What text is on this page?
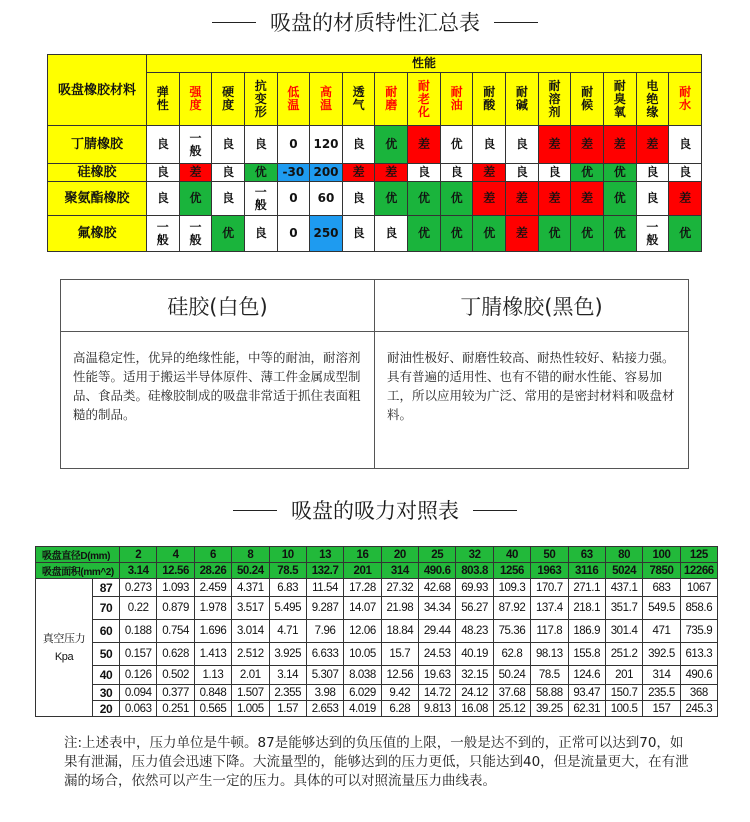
吸盘的材质特性汇总表
吸盘橡胶材料	性能																
	弹性	强度	硬度	抗变形	低温	高温	透气	耐磨	耐老化	耐油	耐酸	耐碱	耐溶剂	耐候	耐臭氧	电绝缘	耐水
丁腈橡胶	良	一般	良	良	0	120	良	优	差	优	良	良	差	差	差	差	良
硅橡胶	良	差	良	优	-30	200	差	差	良	良	差	良	良	优	优	良	良
聚氨酯橡胶	良	优	良	一般	0	60	良	优	优	优	差	差	差	差	优	良	差
氟橡胶	一般	一般	优	良	0	250	良	良	优	优	优	差	优	优	优	一般	优
硅胶(白色)
高温稳定性，优异的绝缘性能，中等的耐油，耐溶剂性能等。适用于搬运半导体原件、薄工件金属成型制品、食品类。硅橡胶制成的吸盘非常适于抓住表面粗糙的制品。
丁腈橡胶(黑色)
耐油性极好、耐磨性较高、耐热性较好、粘接力强。具有普遍的适用性、也有不错的耐水性能、容易加工，所以应用较为广泛、常用的是密封材料和吸盘材料。
吸盘的吸力对照表
吸盘直径D(mm)		2	4	6	8	10	13	16	20	25	32	40	50	63	80	100	125
吸盘面积(mm^2)		3.14	12.56	28.26	50.24	78.5	132.7	201	314	490.6	803.8	1256	1963	3116	5024	7850	12266

真空压力
Kpa	87	0.273	1.093	2.459	4.371	6.83	11.54	17.28	27.32	42.68	69.93	109.3	170.7	271.1	437.1	683	1067
	70	0.22	0.879	1.978	3.517	5.495	9.287	14.07	21.98	34.34	56.27	87.92	137.4	218.1	351.7	549.5	858.6
	60	0.188	0.754	1.696	3.014	4.71	7.96	12.06	18.84	29.44	48.23	75.36	117.8	186.9	301.4	471	735.9
	50	0.157	0.628	1.413	2.512	3.925	6.633	10.05	15.7	24.53	40.19	62.8	98.13	155.8	251.2	392.5	613.3
	40	0.126	0.502	1.13	2.01	3.14	5.307	8.038	12.56	19.63	32.15	50.24	78.5	124.6	201	314	490.6
	30	0.094	0.377	0.848	1.507	2.355	3.98	6.029	9.42	14.72	24.12	37.68	58.88	93.47	150.7	235.5	368
	20	0.063	0.251	0.565	1.005	1.57	2.653	4.019	6.28	9.813	16.08	25.12	39.25	62.31	100.5	157	245.3
注:上述表中，压力单位是牛顿。87是能够达到的负压值的上限，一般是达不到的，正常可以达到70，如果有泄漏，压力值会迅速下降。大流量型的，能够达到的压力更低，只能达到40，但是流量更大，在有泄漏的场合，依然可以产生一定的压力。具体的可以对照流量压力曲线表。
